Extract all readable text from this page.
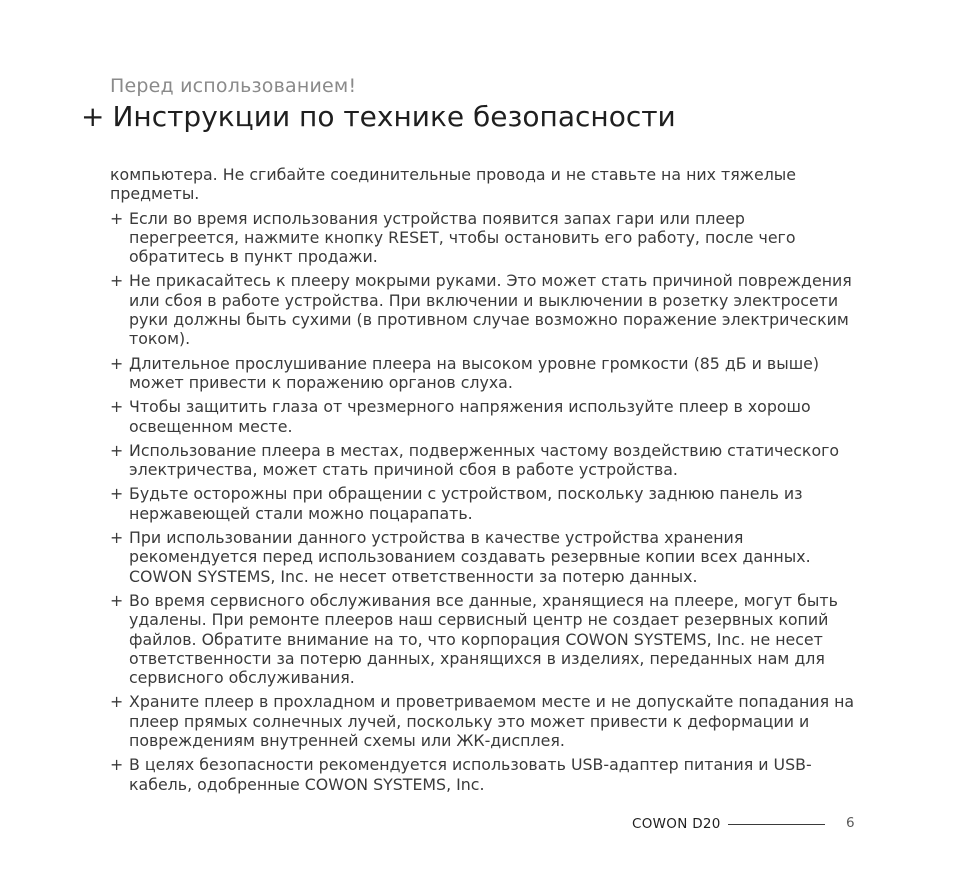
Перед использованием!
+ Инструкции по технике безопасности

компьютера. Не сгибайте соединительные провода и не ставьте на них тяжелые предметы.

+ Если во время использования устройства появится запах гари или плеер перегреется, нажмите кнопку RESET, чтобы остановить его работу, после чего обратитесь в пункт продажи.
+ Не прикасайтесь к плееру мокрыми руками. Это может стать причиной повреждения или сбоя в работе устройства. При включении и выключении в розетку электросети руки должны быть сухими (в противном случае возможно поражение электрическим током).
+ Длительное прослушивание плеера на высоком уровне громкости (85 дБ и выше) может привести к поражению органов слуха.
+ Чтобы защитить глаза от чрезмерного напряжения используйте плеер в хорошо освещенном месте.
+ Использование плеера в местах, подверженных частому воздействию статического электричества, может стать причиной сбоя в работе устройства.
+ Будьте осторожны при обращении с устройством, поскольку заднюю панель из нержавеющей стали можно поцарапать.
+ При использовании данного устройства в качестве устройства хранения рекомендуется перед использованием создавать резервные копии всех данных. COWON SYSTEMS, Inc. не несет ответственности за потерю данных.
+ Во время сервисного обслуживания все данные, хранящиеся на плеере, могут быть удалены. При ремонте плееров наш сервисный центр не создает резервных копий файлов. Обратите внимание на то, что корпорация COWON SYSTEMS, Inc. не несет ответственности за потерю данных, хранящихся в изделиях, переданных нам для сервисного обслуживания.
+ Храните плеер в прохладном и проветриваемом месте и не допускайте попадания на плеер прямых солнечных лучей, поскольку это может привести к деформации и повреждениям внутренней схемы или ЖК-дисплея.
+ В целях безопасности рекомендуется использовать USB-адаптер питания и USB-кабель, одобренные COWON SYSTEMS, Inc.
COWON D20	6
